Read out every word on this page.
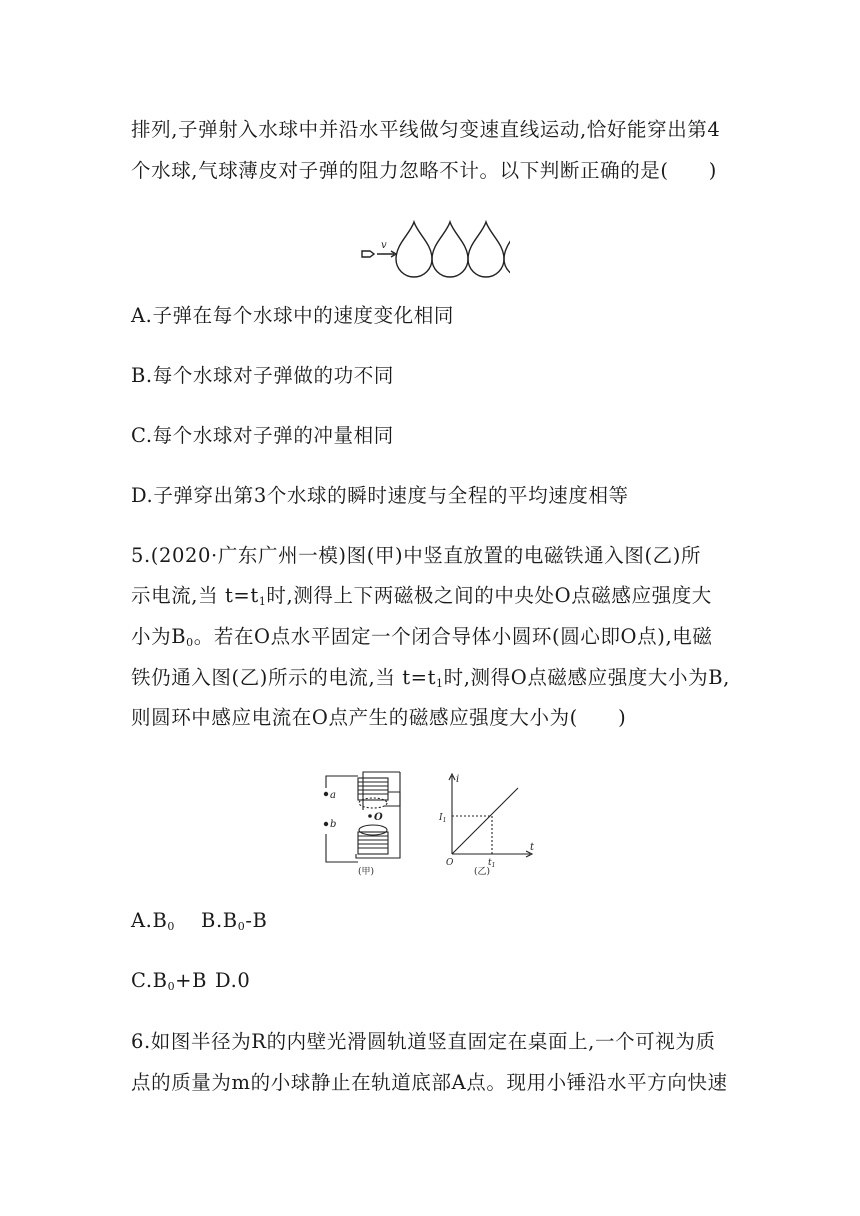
排列,子弹射入水球中并沿水平线做匀变速直线运动,恰好能穿出第4
个水球,气球薄皮对子弹的阻力忽略不计。以下判断正确的是(　　)
v
A.子弹在每个水球中的速度变化相同
B.每个水球对子弹做的功不同
C.每个水球对子弹的冲量相同
D.子弹穿出第3个水球的瞬时速度与全程的平均速度相等
5.(2020·广东广州一模)图(甲)中竖直放置的电磁铁通入图(乙)所
示电流,当 $t=t_1$时,测得上下两磁极之间的中央处O点磁感应强度大
小为$B_0$。若在O点水平固定一个闭合导体小圆环(圆心即O点),电磁
铁仍通入图(乙)所示的电流,当 $t=t_1$时,测得O点磁感应强度大小为B,
则圆环中感应电流在O点产生的磁感应强度大小为(　　)
a
b
O
(甲)
i
t
O
$I_1$
$t_1$
(乙)
$A.B_0$ $B.B_0-B$
$C.B_0+B$ D.0
6.如图半径为R的内壁光滑圆轨道竖直固定在桌面上,一个可视为质
点的质量为m的小球静止在轨道底部A点。现用小锤沿水平方向快速
